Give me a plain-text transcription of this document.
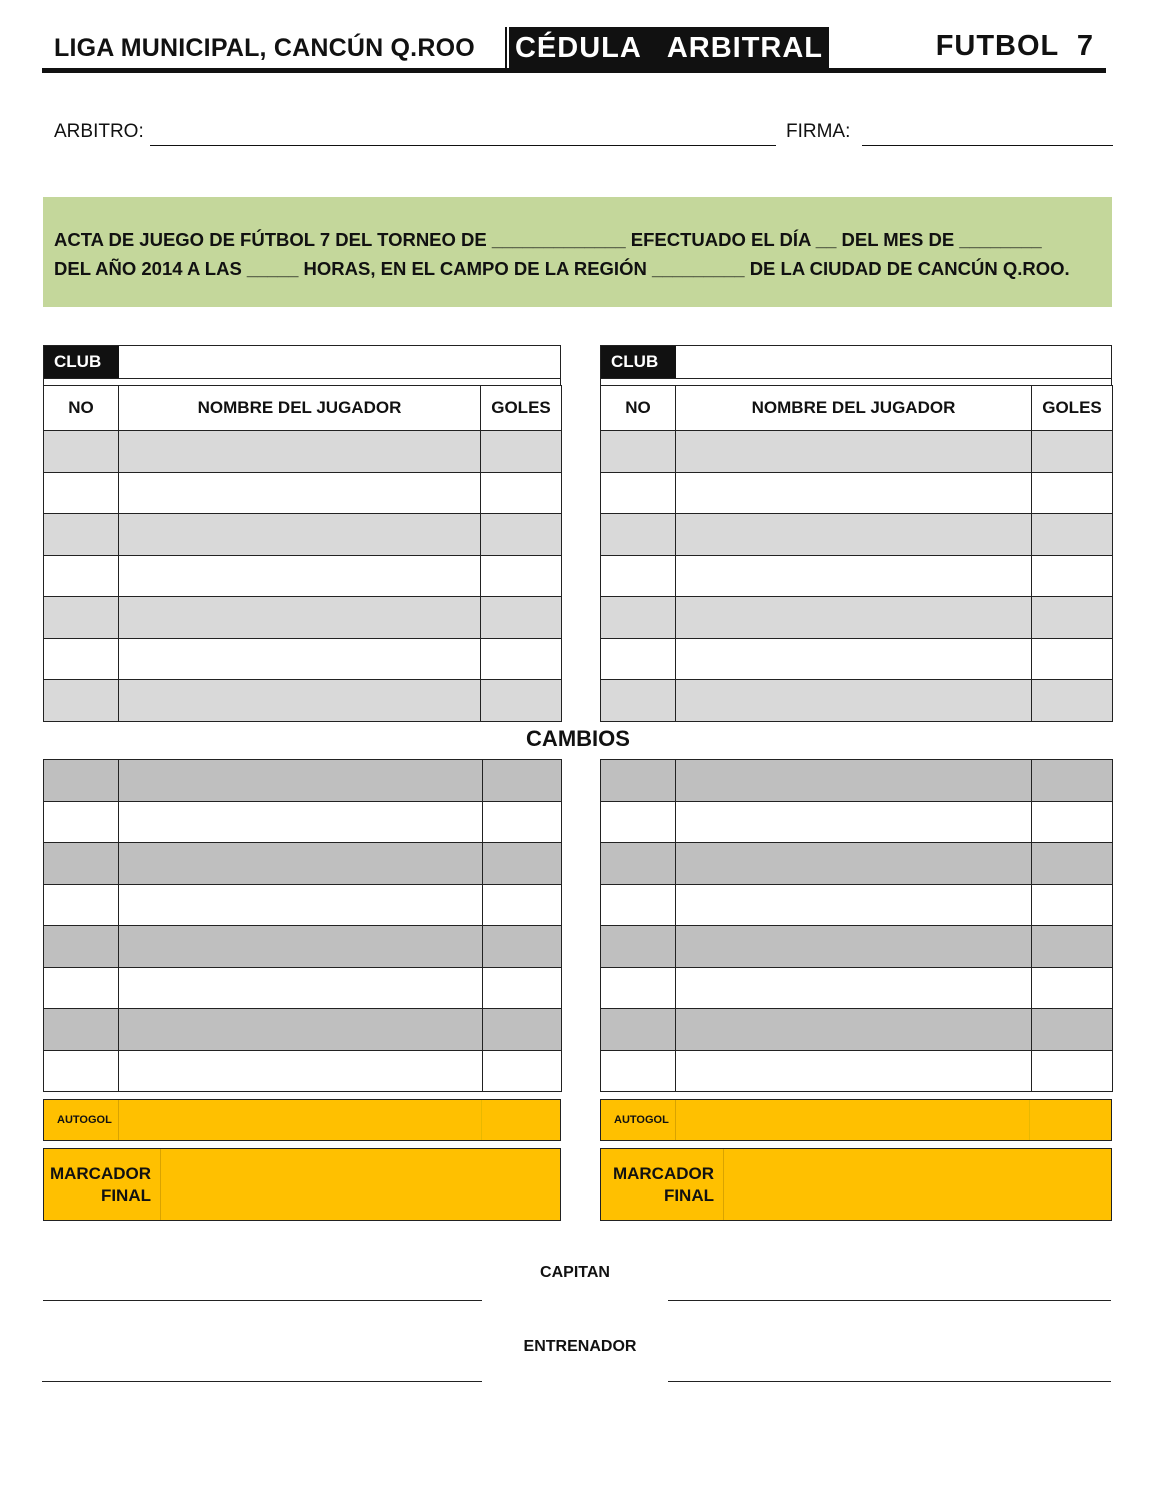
LIGA MUNICIPAL, CANCÚN Q.ROO CÉDULA   ARBITRAL	FUTBOL  7
ARBITRO:	FIRMA:
ACTA DE JUEGO DE FÚTBOL 7 DEL TORNEO DE _____________ EFECTUADO EL DÍA __ DEL MES DE ________
DEL AÑO 2014 A LAS _____ HORAS, EN EL CAMPO DE LA REGIÓN _________ DE LA CIUDAD DE CANCÚN Q.ROO.
CLUB
NO	NOMBRE DEL JUGADOR	GOLES

CLUB
NO	NOMBRE DEL JUGADOR	GOLES

CAMBIOS

AUTOGOL	AUTOGOL
MARCADOR
FINAL
MARCADOR
FINAL
CAPITAN
ENTRENADOR
